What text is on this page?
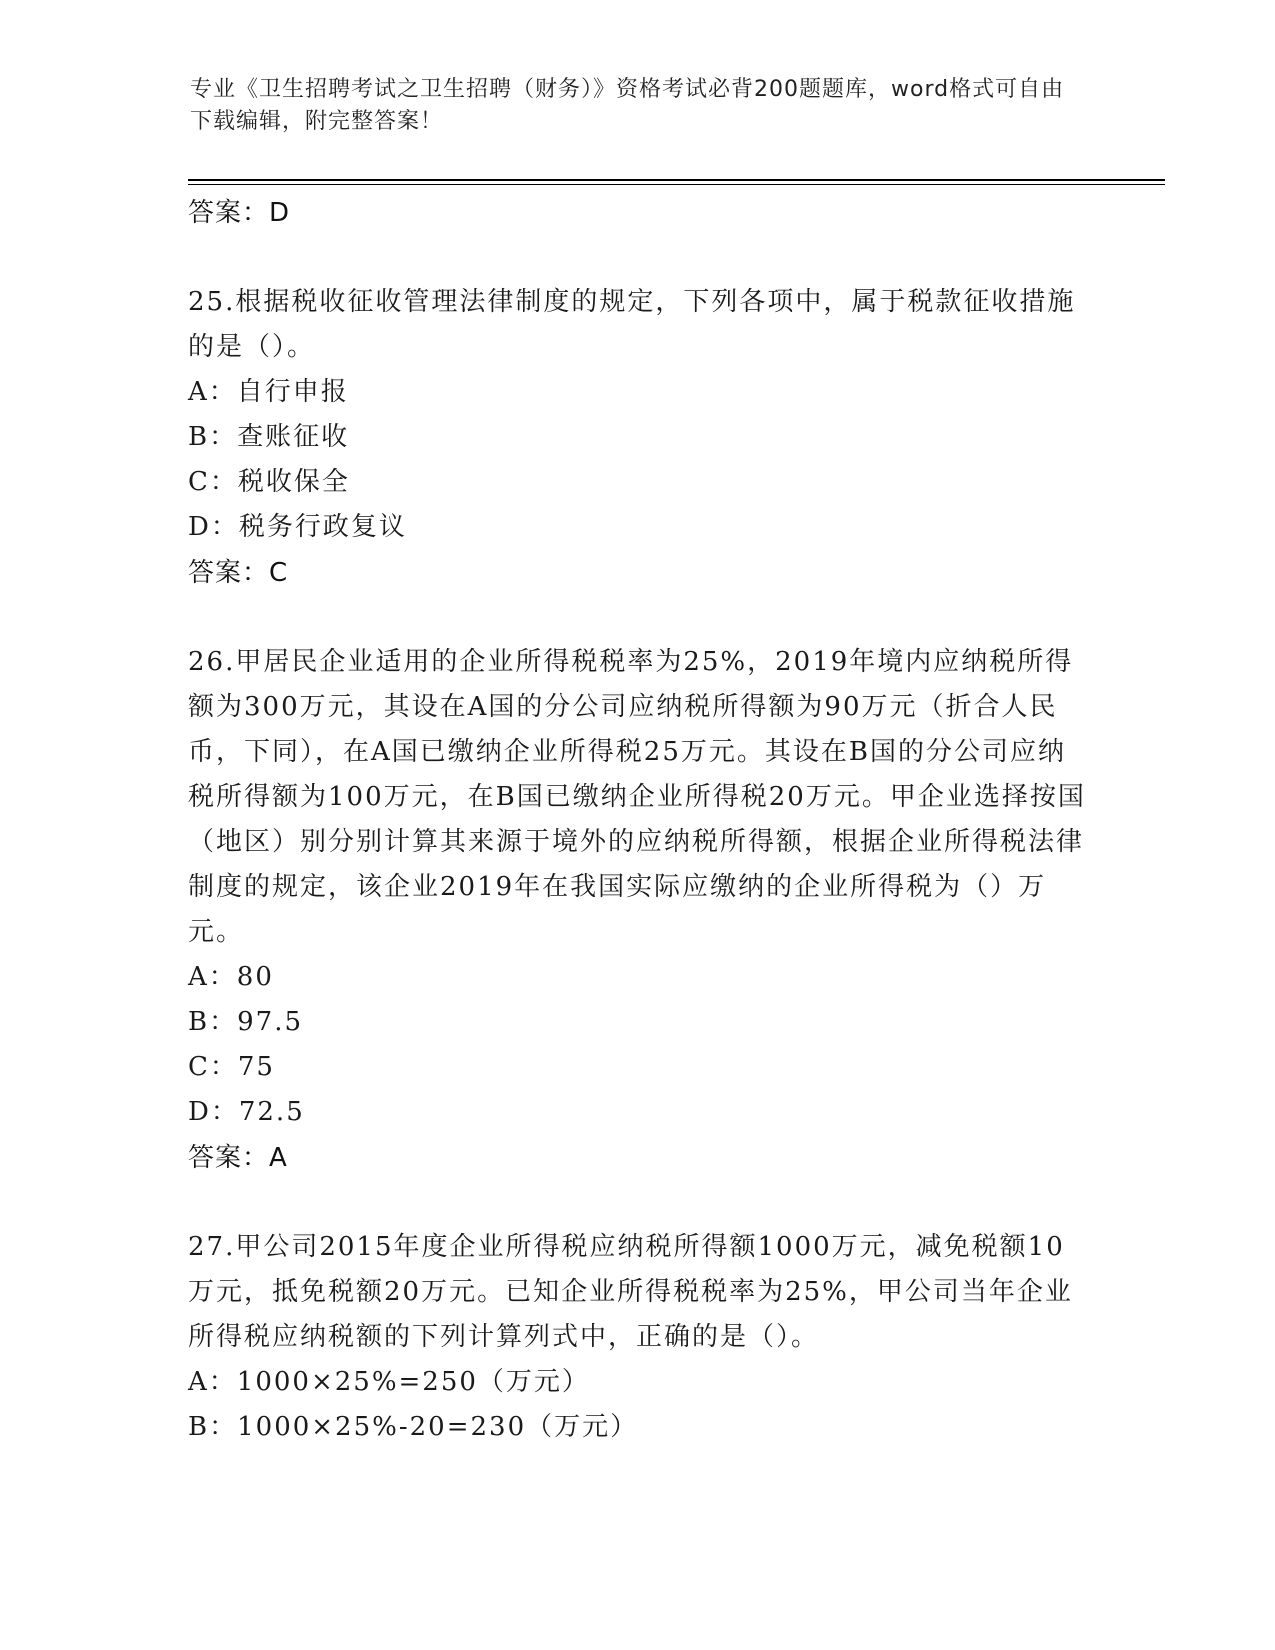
专业《卫生招聘考试之卫生招聘（财务）》资格考试必背200题题库，word格式可自由下载编辑，附完整答案！
答案：D
25.根据税收征收管理法律制度的规定，下列各项中，属于税款征收措施的是（）。
A：自行申报
B：查账征收
C：税收保全
D：税务行政复议
答案：C
26.甲居民企业适用的企业所得税税率为25%，2019年境内应纳税所得额为300万元，其设在A国的分公司应纳税所得额为90万元（折合人民币，下同），在A国已缴纳企业所得税25万元。其设在B国的分公司应纳税所得额为100万元，在B国已缴纳企业所得税20万元。甲企业选择按国（地区）别分别计算其来源于境外的应纳税所得额，根据企业所得税法律制度的规定，该企业2019年在我国实际应缴纳的企业所得税为（）万元。
A：80
B：97.5
C：75
D：72.5
答案：A
27.甲公司2015年度企业所得税应纳税所得额1000万元，减免税额10万元，抵免税额20万元。已知企业所得税税率为25%，甲公司当年企业所得税应纳税额的下列计算列式中，正确的是（）。
A：1000×25%=250（万元）
B：1000×25%-20=230（万元）
